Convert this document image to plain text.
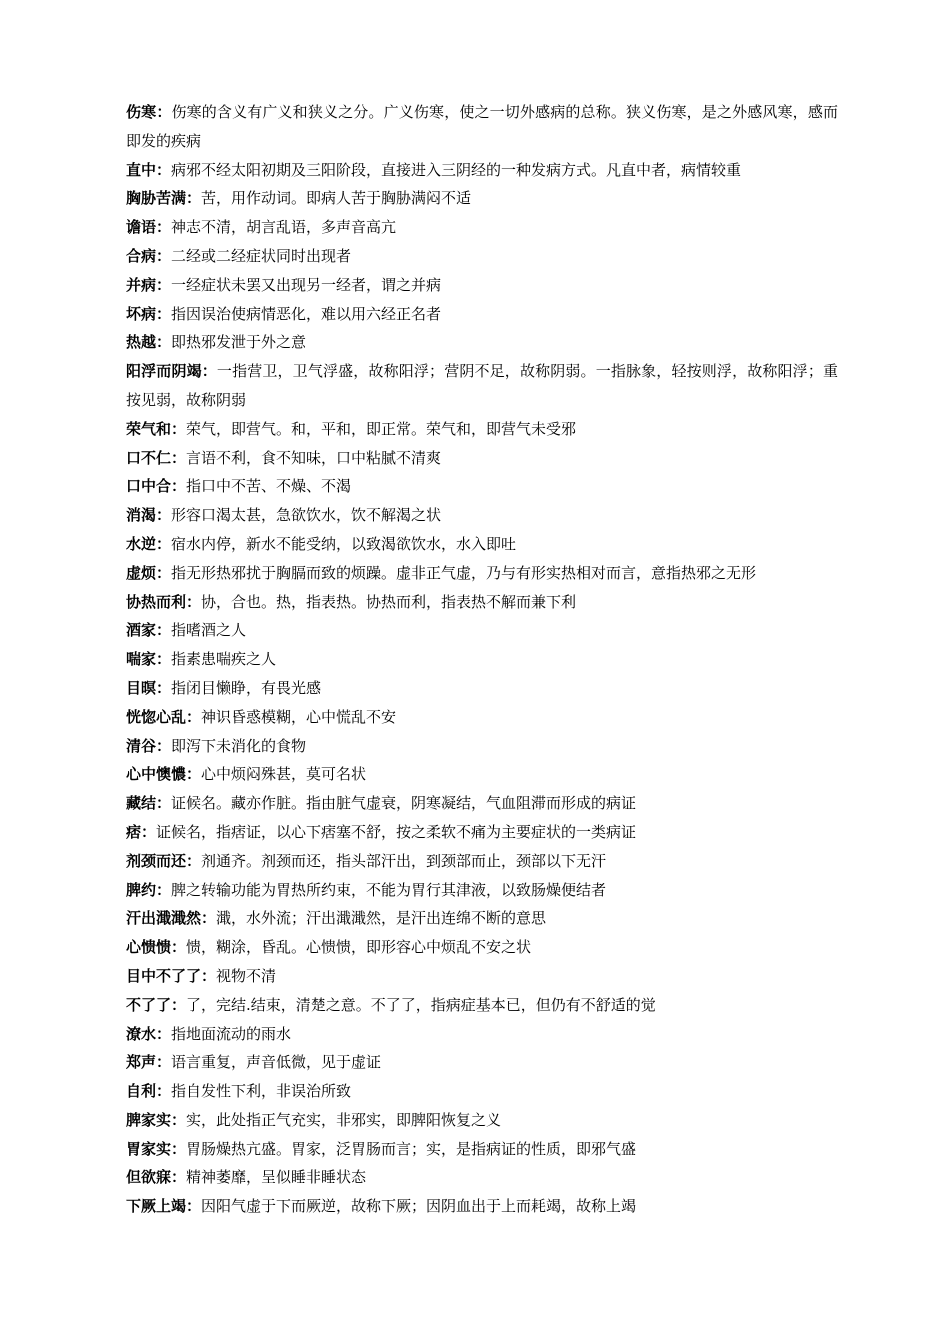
伤寒：伤寒的含义有广义和狭义之分。广义伤寒，使之一切外感病的总称。狭义伤寒，是之外感风寒，感而即发的疾病

直中：病邪不经太阳初期及三阳阶段，直接进入三阴经的一种发病方式。凡直中者，病情较重

胸胁苦满：苦，用作动词。即病人苦于胸胁满闷不适

谵语：神志不清，胡言乱语，多声音高亢

合病：二经或二经症状同时出现者

并病：一经症状未罢又出现另一经者，谓之并病

坏病：指因误治使病情恶化，难以用六经正名者

热越：即热邪发泄于外之意

阳浮而阴竭：一指营卫，卫气浮盛，故称阳浮；营阴不足，故称阴弱。一指脉象，轻按则浮，故称阳浮；重按见弱，故称阴弱

荣气和：荣气，即营气。和，平和，即正常。荣气和，即营气未受邪

口不仁：言语不利，食不知味，口中粘腻不清爽

口中合：指口中不苦、不燥、不渴

消渴：形容口渴太甚，急欲饮水，饮不解渴之状

水逆：宿水内停，新水不能受纳，以致渴欲饮水，水入即吐

虚烦：指无形热邪扰于胸膈而致的烦躁。虚非正气虚，乃与有形实热相对而言，意指热邪之无形

协热而利：协，合也。热，指表热。协热而利，指表热不解而兼下利

酒家：指嗜酒之人

喘家：指素患喘疾之人

目暝：指闭目懒睁，有畏光感

恍惚心乱：神识昏惑模糊，心中慌乱不安

清谷：即泻下未消化的食物

心中懊憹：心中烦闷殊甚，莫可名状

藏结：证候名。藏亦作脏。指由脏气虚衰，阴寒凝结，气血阻滞而形成的病证

痞：证候名，指痞证，以心下痞塞不舒，按之柔软不痛为主要症状的一类病证

剂颈而还：剂通齐。剂颈而还，指头部汗出，到颈部而止，颈部以下无汗

脾约：脾之转输功能为胃热所约束，不能为胃行其津液，以致肠燥便结者

汗出濈濈然：濈，水外流；汗出濈濈然，是汗出连绵不断的意思

心愦愦：愦，糊涂，昏乱。心愦愦，即形容心中烦乱不安之状

目中不了了：视物不清

不了了：了，完结.结束，清楚之意。不了了，指病症基本已，但仍有不舒适的觉

潦水：指地面流动的雨水

郑声：语言重复，声音低微，见于虚证

自利：指自发性下利，非误治所致

脾家实：实，此处指正气充实，非邪实，即脾阳恢复之义

胃家实：胃肠燥热亢盛。胃家，泛胃肠而言；实，是指病证的性质，即邪气盛

但欲寐：精神萎靡，呈似睡非睡状态

下厥上竭：因阳气虚于下而厥逆，故称下厥；因阴血出于上而耗竭，故称上竭
